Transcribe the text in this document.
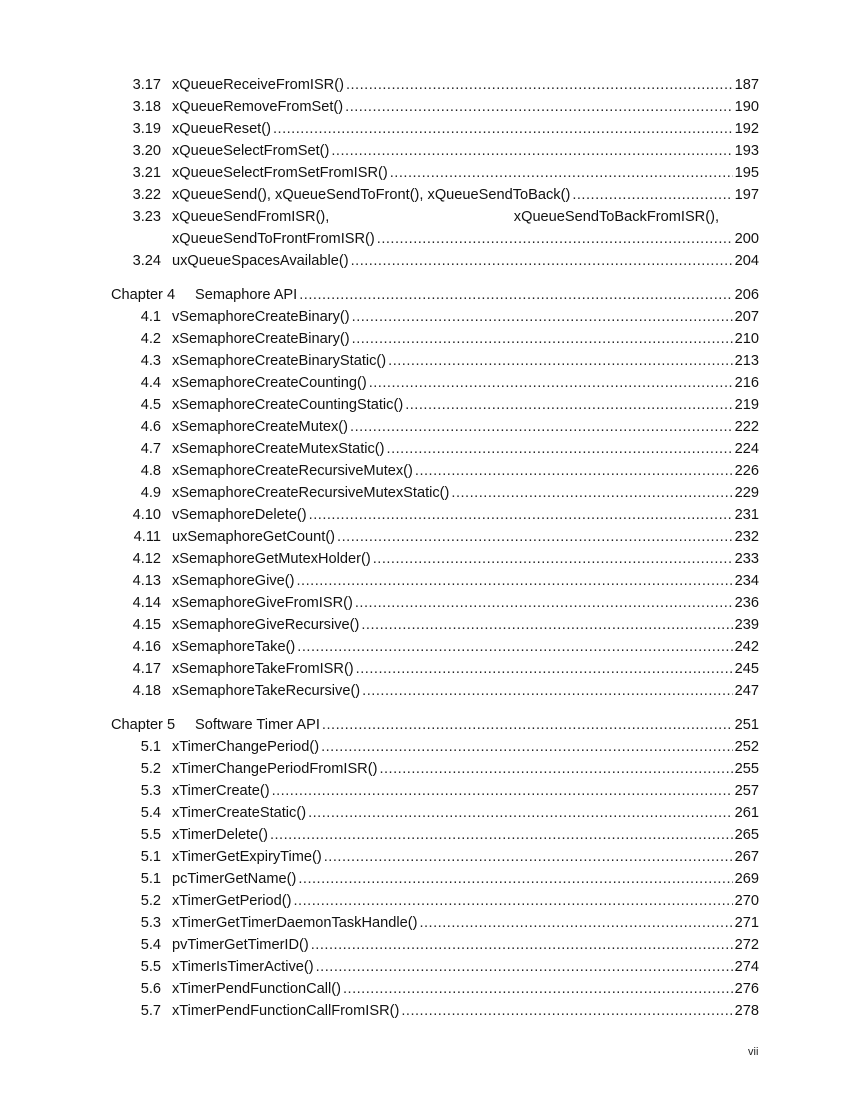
3.17 xQueueReceiveFromISR() .....	187
3.18 xQueueRemoveFromSet() .....	190
3.19 xQueueReset() .....	192
3.20 xQueueSelectFromSet() .....	193
3.21 xQueueSelectFromSetFromISR() .....	195
3.22 xQueueSend(), xQueueSendToFront(), xQueueSendToBack() .....	197
3.23 xQueueSendFromISR(),	xQueueSendToBackFromISR(),
xQueueSendToFrontFromISR() .....	200
3.24 uxQueueSpacesAvailable() .....	204
Chapter 4 Semaphore API .....	206
4.1 vSemaphoreCreateBinary() .....	207
4.2 xSemaphoreCreateBinary() .....	210
4.3 xSemaphoreCreateBinaryStatic() .....	213
4.4 xSemaphoreCreateCounting() .....	216
4.5 xSemaphoreCreateCountingStatic() .....	219
4.6 xSemaphoreCreateMutex() .....	222
4.7 xSemaphoreCreateMutexStatic() .....	224
4.8 xSemaphoreCreateRecursiveMutex() .....	226
4.9 xSemaphoreCreateRecursiveMutexStatic() .....	229
4.10 vSemaphoreDelete() .....	231
4.11 uxSemaphoreGetCount() .....	232
4.12 xSemaphoreGetMutexHolder() .....	233
4.13 xSemaphoreGive() .....	234
4.14 xSemaphoreGiveFromISR() .....	236
4.15 xSemaphoreGiveRecursive() .....	239
4.16 xSemaphoreTake() .....	242
4.17 xSemaphoreTakeFromISR() .....	245
4.18 xSemaphoreTakeRecursive() .....	247
Chapter 5 Software Timer API .....	251
5.1 xTimerChangePeriod() .....	252
5.2 xTimerChangePeriodFromISR() .....	255
5.3 xTimerCreate() .....	257
5.4 xTimerCreateStatic() .....	261
5.5 xTimerDelete() .....	265
5.1 xTimerGetExpiryTime() .....	267
5.1 pcTimerGetName() .....	269
5.2 xTimerGetPeriod() .....	270
5.3 xTimerGetTimerDaemonTaskHandle() .....	271
5.4 pvTimerGetTimerID() .....	272
5.5 xTimerIsTimerActive() .....	274
5.6 xTimerPendFunctionCall() .....	276
5.7 xTimerPendFunctionCallFromISR() .....	278
vii
